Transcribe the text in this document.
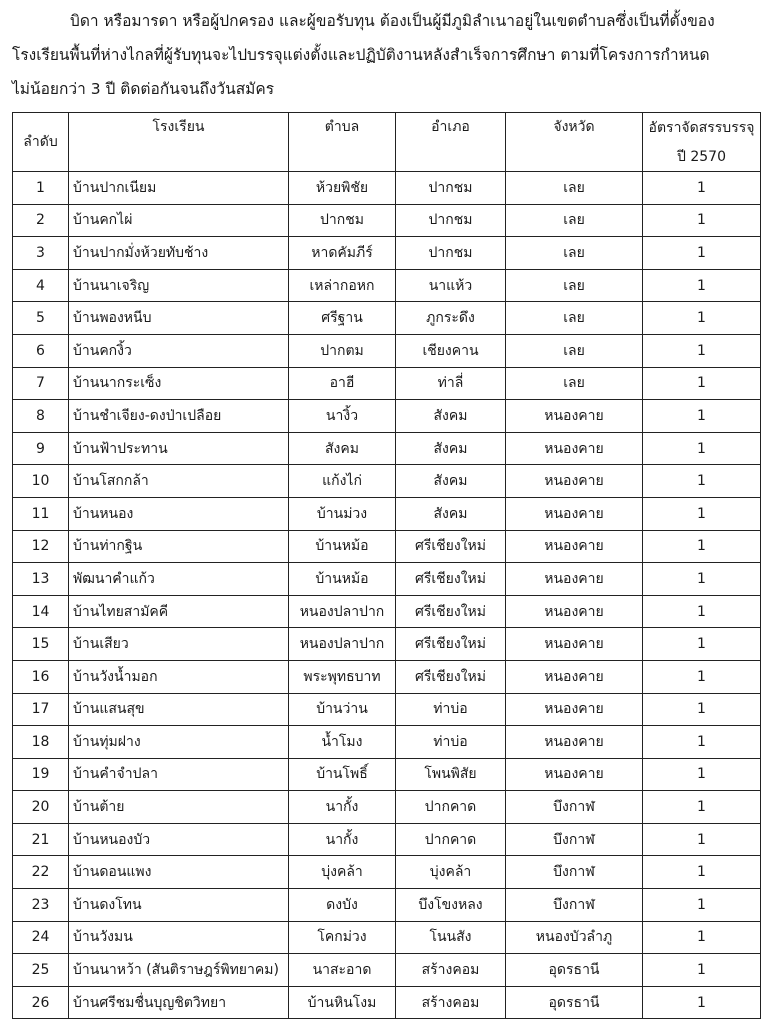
บิดา หรือมารดา หรือผู้ปกครอง และผู้ขอรับทุน ต้องเป็นผู้มีภูมิลำเนาอยู่ในเขตตำบลซึ่งเป็นที่ตั้งของ

โรงเรียนพื้นที่ห่างไกลที่ผู้รับทุนจะไปบรรจุแต่งตั้งและปฏิบัติงานหลังสำเร็จการศึกษา ตามที่โครงการกำหนด

ไม่น้อยกว่า 3 ปี ติดต่อกันจนถึงวันสมัคร

ลำดับ	โรงเรียน	ตำบล	อำเภอ	จังหวัด	อัตราจัดสรรบรรจุ
					ปี 2570
1	บ้านปากเนียม	ห้วยพิชัย	ปากชม	เลย	1
2	บ้านคกไผ่	ปากชม	ปากชม	เลย	1
3	บ้านปากมั่งห้วยทับช้าง	หาดคัมภีร์	ปากชม	เลย	1
4	บ้านนาเจริญ	เหล่ากอหก	นาแห้ว	เลย	1
5	บ้านพองหนีบ	ศรีฐาน	ภูกระดึง	เลย	1
6	บ้านคกงิ้ว	ปากตม	เชียงคาน	เลย	1
7	บ้านนากระเซ็ง	อาฮี	ท่าลี่	เลย	1
8	บ้านชำเจียง-ดงป่าเปลือย	นางิ้ว	สังคม	หนองคาย	1
9	บ้านฟ้าประทาน	สังคม	สังคม	หนองคาย	1
10	บ้านโสกกล้า	แก้งไก่	สังคม	หนองคาย	1
11	บ้านหนอง	บ้านม่วง	สังคม	หนองคาย	1
12	บ้านท่ากฐิน	บ้านหม้อ	ศรีเชียงใหม่	หนองคาย	1
13	พัฒนาคำแก้ว	บ้านหม้อ	ศรีเชียงใหม่	หนองคาย	1
14	บ้านไทยสามัคคี	หนองปลาปาก	ศรีเชียงใหม่	หนองคาย	1
15	บ้านเสียว	หนองปลาปาก	ศรีเชียงใหม่	หนองคาย	1
16	บ้านวังน้ำมอก	พระพุทธบาท	ศรีเชียงใหม่	หนองคาย	1
17	บ้านแสนสุข	บ้านว่าน	ท่าบ่อ	หนองคาย	1
18	บ้านทุ่มฝาง	น้ำโมง	ท่าบ่อ	หนองคาย	1
19	บ้านคำจำปลา	บ้านโพธิ์	โพนพิสัย	หนองคาย	1
20	บ้านต้าย	นากั้ง	ปากคาด	บึงกาฬ	1
21	บ้านหนองบัว	นากั้ง	ปากคาด	บึงกาฬ	1
22	บ้านดอนแพง	บุ่งคล้า	บุ่งคล้า	บึงกาฬ	1
23	บ้านดงโทน	ดงบัง	บึงโขงหลง	บึงกาฬ	1
24	บ้านวังมน	โคกม่วง	โนนสัง	หนองบัวลำภู	1
25	บ้านนาหว้า (สันติราษฎร์พิทยาคม)	นาสะอาด	สร้างคอม	อุดรธานี	1
26	บ้านศรีชมชื่นบุญชิตวิทยา	บ้านหินโงม	สร้างคอม	อุดรธานี	1
